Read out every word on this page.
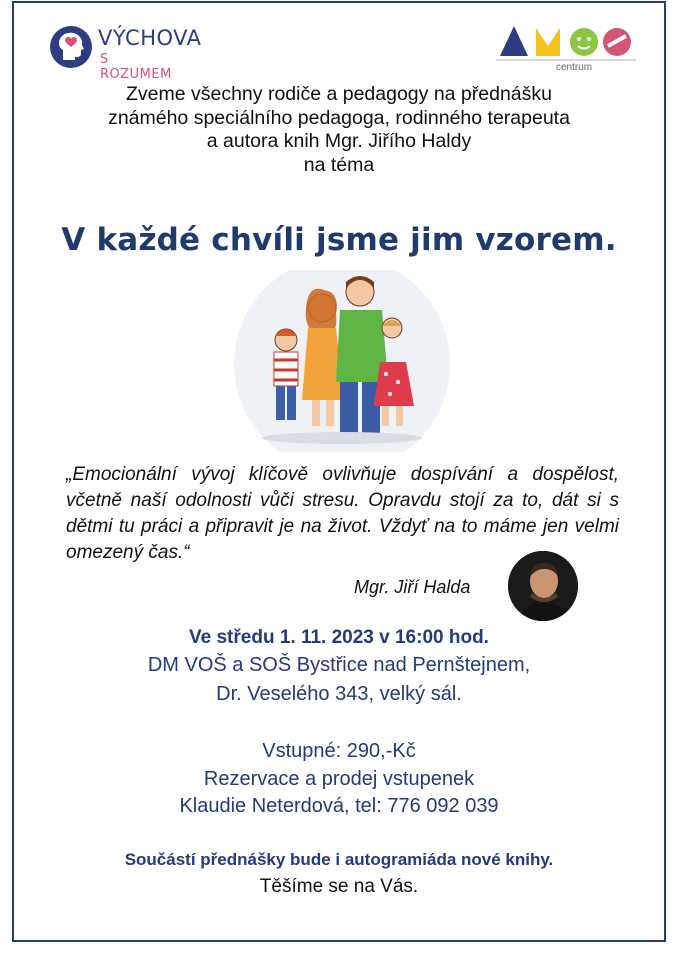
VÝCHOVA
S ROZUMEM	centrum
Zveme všechny rodiče a pedagogy na přednášku
známého speciálního pedagoga, rodinného terapeuta
a autora knih Mgr. Jiřího Haldy
na téma
V každé chvíli jsme jim vzorem.

„Emocionální vývoj klíčově ovlivňuje dospívání a dospělost, včetně naší odolnosti vůči stresu. Opravdu stojí za to, dát si s dětmi tu práci a připravit je na život. Vždyť na to máme jen velmi omezený čas.“

Mgr. Jiří Halda
Ve středu 1. 11. 2023 v 16:00 hod.
DM VOŠ a SOŠ Bystřice nad Pernštejnem,
Dr. Veselého 343, velký sál.
Vstupné: 290,-Kč
Rezervace a prodej vstupenek
Klaudie Neterdová, tel: 776 092 039
Součástí přednášky bude i autogramiáda nové knihy.
Těšíme se na Vás.
